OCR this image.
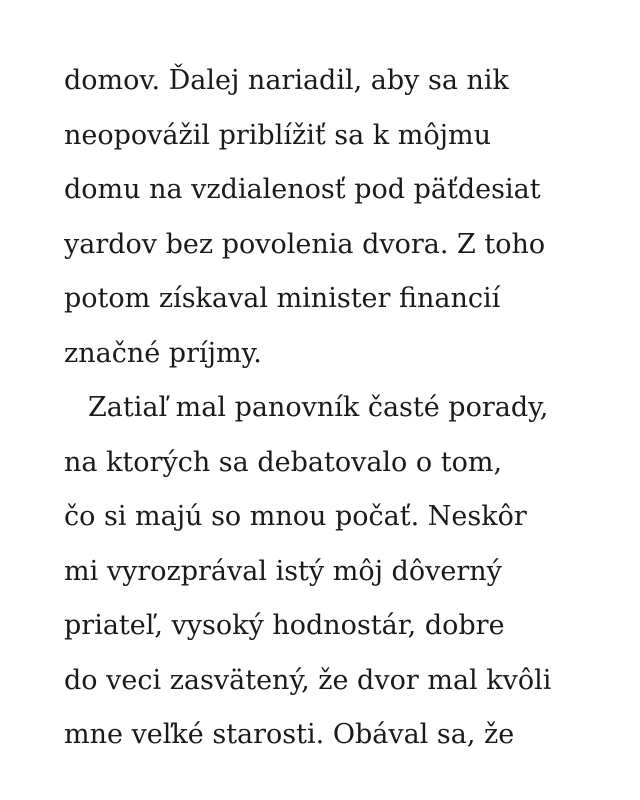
domov. Ďalej nariadil, aby sa nik
neopovážil priblížiť sa k môjmu
domu na vzdialenosť pod päťdesiat
yardov bez povolenia dvora. Z toho
potom získaval minister financií
značné príjmy.
Zatiaľ mal panovník časté porady,
na ktorých sa debatovalo o tom,
čo si majú so mnou počať. Neskôr
mi vyrozprával istý môj dôverný
priateľ, vysoký hodnostár, dobre
do veci zasvätený, že dvor mal kvôli
mne veľké starosti. Obával sa, že
